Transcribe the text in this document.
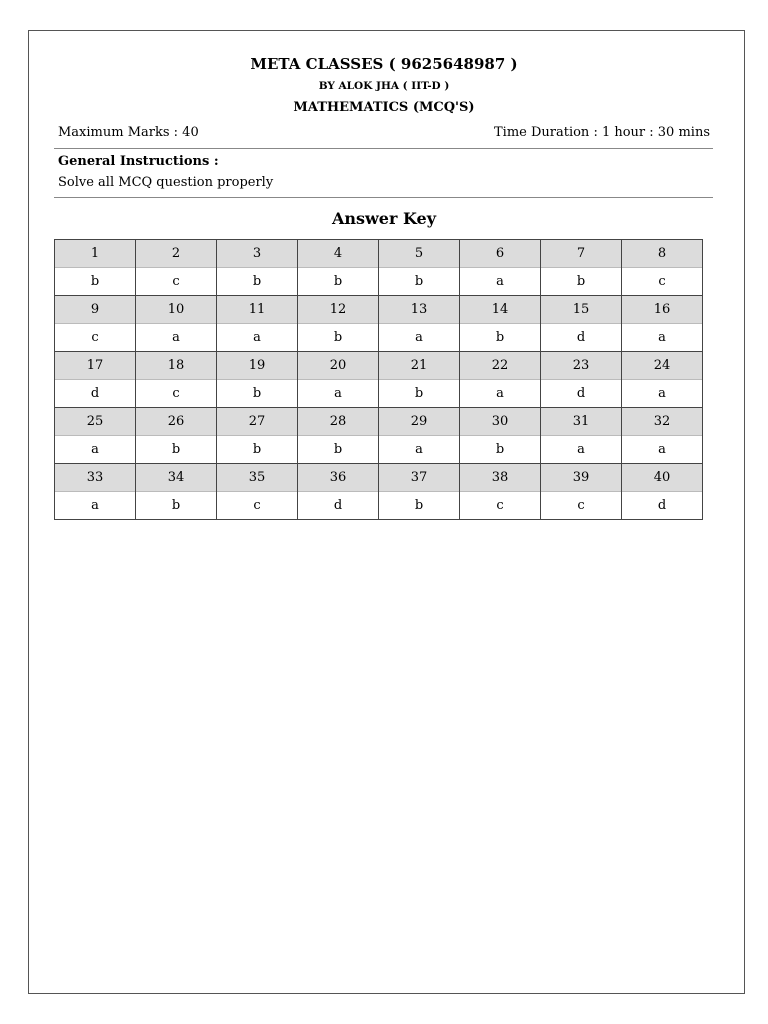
META CLASSES ( 9625648987 )
BY ALOK JHA ( IIT-D )
MATHEMATICS (MCQ'S)
Maximum Marks : 40	Time Duration : 1 hour : 30 mins
General Instructions :
Solve all MCQ question properly
Answer Key
1
b
2
c
3
b
4
b
5
b
6
a
7
b
8
c
9
c
10
a
11
a
12
b
13
a
14
b
15
d
16
a
17
d
18
c
19
b
20
a
21
b
22
a
23
d
24
a
25
a
26
b
27
b
28
b
29
a
30
b
31
a
32
a
33
a
34
b
35
c
36
d
37
b
38
c
39
c
40
d
